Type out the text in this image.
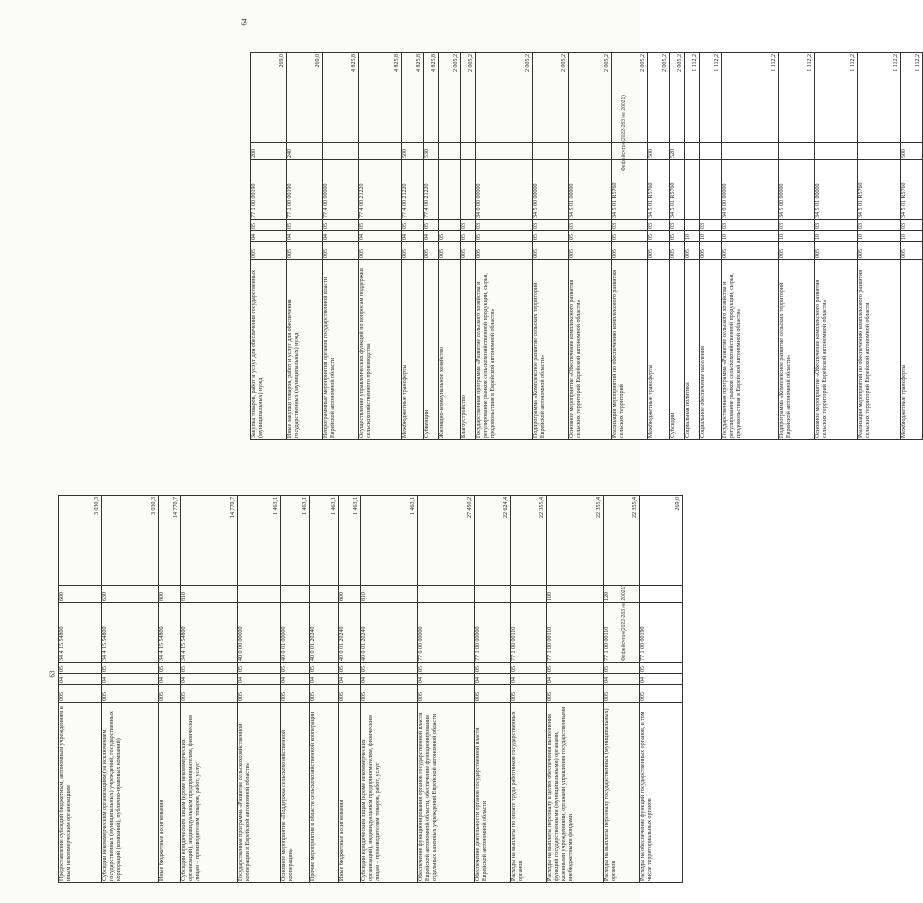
63
Фефейсчтон(2022-283 не 20021)
Предоставление субсидий бюджетным, автономным учреждениям и иным некоммерческим организациям	005	04	05	34 4 15 54800	600	3 030,3
Субсидии некоммерческим организациям (за исключением государственных (муниципальных) учреждений, государственных корпораций (компаний), публично-правовых компаний)	005	04	05	34 4 15 54800	630	3 030,3
Иные бюджетные ассигнования	005	04	05	34 4 15 54800	800	14 770,7
Субсидии юридическим лицам (кроме некоммерческих организаций), индивидуальным предпринимателям, физическим лицам – производителям товаров, работ, услуг	005	04	05	34 4 15 54800	810	14 770,7
Государственная программа «Развитие сельскохозяйственной кооперации в Еврейской автономной области»	005	04	05	40 0 00 00000		1 463,1
Основное мероприятие «Поддержка сельскохозяйственной кооперации»	005	04	05	40 0 01 00000		1 463,1
Прочие мероприятия в области сельскохозяйственной кооперации	005	04	05	40 0 01 20240		1 463,1
Иные бюджетные ассигнования	005	04	05	40 0 01 20240	800	1 463,1
Субсидии юридическим лицам (кроме некоммерческих организаций), индивидуальным предпринимателям, физическим лицам – производителям товаров, работ, услуг	005	04	05	40 0 01 20240	810	1 463,1
Обеспечение функционирования органов государственной власти Еврейской автономной области, обеспечение функционирования отдельных казенных учреждений Еврейской автономной области	005	04	05	77 0 00 00000		27 450,2
Обеспечение деятельности органов государственной власти Еврейской автономной области	005	04	05	77 1 00 00000		22 624,4
Расходы на выплаты по оплате труда работников государственных органов	005	04	05	77 1 00 00110		22 355,4
Расходы на выплаты персоналу в целях обеспечения выполнения функций государственными (муниципальными) органами, казенными учреждениями, органами управления государственными внебюджетными фондами	005	04	05	77 1 00 00110	100	22 355,4
Расходы на выплаты персоналу государственных (муниципальных) органов	005	04	05	77 1 00 00110	120	22 355,4
Расходы на обеспечение функций государственных органов, в том числе территориальных органов	005	04	05	77 1 00 00190		269,0
64
Фефейсчтон(2022-283 не 20021)
Закупка товаров, работ и услуг для обеспечения государственных (муниципальных) нужд	005	04	05	77 1 00 00190	200	269,0
Иные закупки товаров, работ и услуг для обеспечения государственных (муниципальных) нужд	005	04	05	77 1 00 00190	240	269,0
Непрограммные мероприятия органов государственной власти Еврейской автономной области	005	04	05	77 4 00 00000		4 825,8
Осуществление управленческих функций по вопросам поддержки сельскохозяйственного производства	005	04	05	77 4 00 21220		4 825,8
Межбюджетные трансферты	005	04	05	77 4 00 21220	500	4 825,8
Субвенции	005	04	05	77 4 00 21220	530	4 825,8
Жилищно-коммунальное хозяйство	005	05				2 005,2
Благоустройство	005	05	03			2 005,2
Государственная программа «Развитие сельского хозяйства и регулирование рынков сельскохозяйственной продукции, сырья, продовольствия в Еврейской автономной области»	005	05	03	34 0 00 00000		2 005,2
Подпрограмма «Комплексное развитие сельских территорий Еврейской автономной области»	005	05	03	34 5 00 00000		2 005,2
Основное мероприятие «Обеспечение комплексного развития сельских территорий Еврейской автономной области»	005	05	03	34 5 01 00000		2 005,2
Реализация мероприятий по обеспечению комплексного развития сельских территорий	005	05	03	34 5 01 R5760		2 005,2
Межбюджетные трансферты	005	05	03	34 5 01 R5760	500	2 005,2
Субсидии	005	05	03	34 5 01 R5760	520	2 005,2
Социальная политика	005	10				1 112,2
Социальное обеспечение населения	005	10	03			1 112,2
Государственная программа «Развитие сельского хозяйства и регулирование рынков сельскохозяйственной продукции, сырья, продовольствия в Еврейской автономной области»	005	10	03	34 0 00 00000		1 112,2
Подпрограмма «Комплексное развитие сельских территорий Еврейской автономной области»	005	10	03	34 5 00 00000		1 112,2
Основное мероприятие «Обеспечение комплексного развития сельских территорий Еврейской автономной области»	005	10	03	34 5 01 00000		1 112,2
Реализация мероприятий по обеспечению комплексного развития сельских территорий Еврейской автономной области	005	10	03	34 5 01 R5760		1 112,2
Межбюджетные трансферты	005	10	03	34 5 01 R5760	500	1 112,2
